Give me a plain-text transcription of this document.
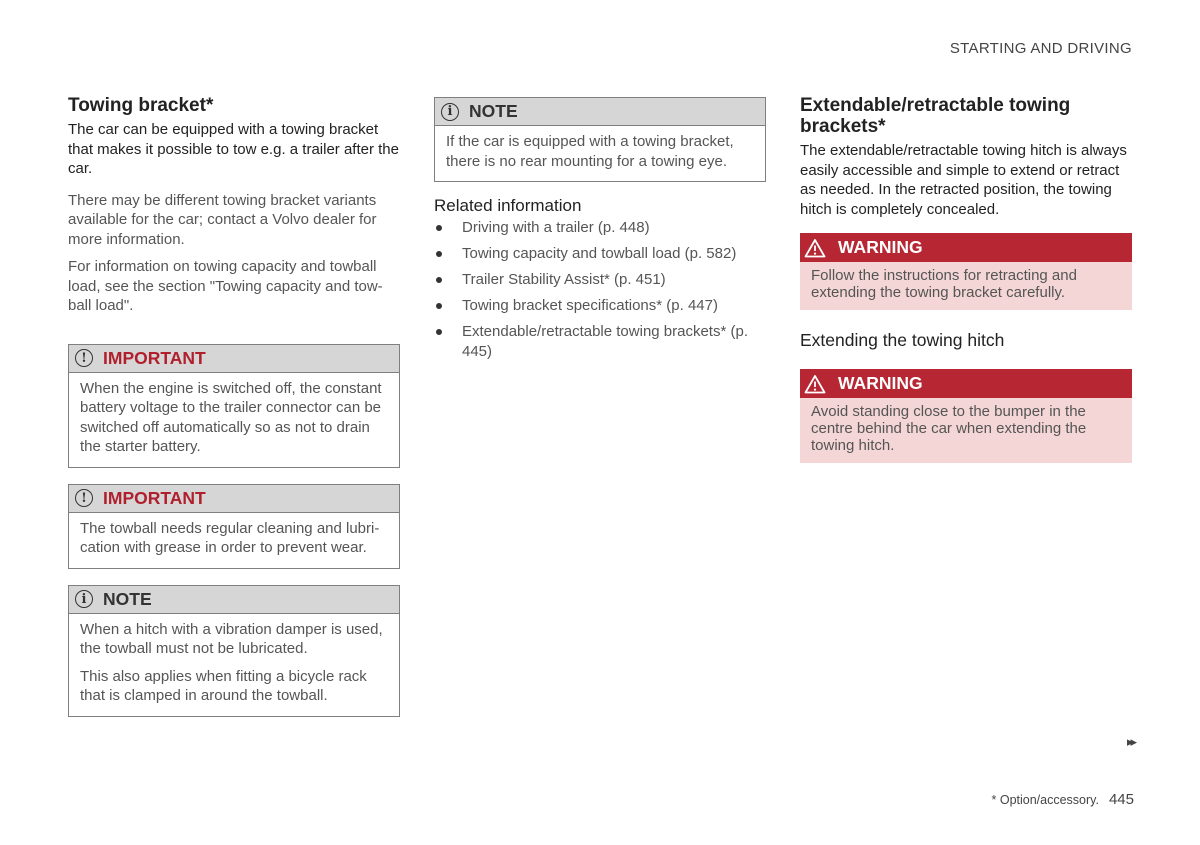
STARTING AND DRIVING
Towing bracket*

The car can be equipped with a towing bracket that makes it possible to tow e.g. a trailer after the car.

There may be different towing bracket variants available for the car; contact a Volvo dealer for more information.

For information on towing capacity and towball load, see the section "Towing capacity and tow-ball load".

! IMPORTANT

When the engine is switched off, the constant battery voltage to the trailer connector can be switched off automatically so as not to drain the starter battery.

! IMPORTANT

The towball needs regular cleaning and lubri-cation with grease in order to prevent wear.

i NOTE

When a hitch with a vibration damper is used, the towball must not be lubricated.

This also applies when fitting a bicycle rack that is clamped in around the towball.

i NOTE

If the car is equipped with a towing bracket, there is no rear mounting for a towing eye.

Related information
Driving with a trailer (p. 448)
Towing capacity and towball load (p. 582)
Trailer Stability Assist* (p. 451)
Towing bracket specifications* (p. 447)
Extendable/retractable towing brackets* (p. 445)
Extendable/retractable towing brackets*

The extendable/retractable towing hitch is always easily accessible and simple to extend or retract as needed. In the retracted position, the towing hitch is completely concealed.

WARNING
Follow the instructions for retracting and extending the towing bracket carefully.
Extending the towing hitch
WARNING
Avoid standing close to the bumper in the centre behind the car when extending the towing hitch.
▸▸
* Option/accessory. 445
